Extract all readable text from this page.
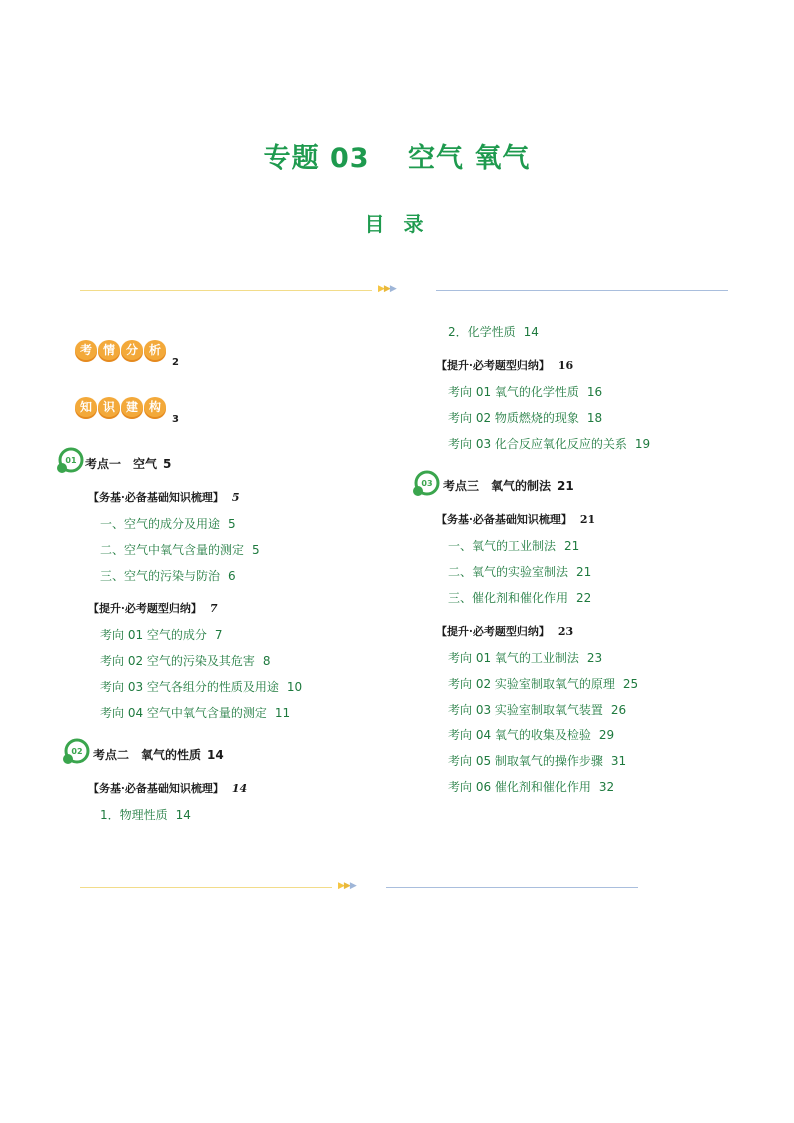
专题 03　 空气 氧气
目 录
▶▶▶
▶▶▶
考 情 分 析
2
知 识 建 构
3
01
02
03
考点一　空气 5
【务基·必备基础知识梳理】 5
一、空气的成分及用途 5
二、空气中氧气含量的测定 5
三、空气的污染与防治 6
【提升·必考题型归纳】 7
考向 01 空气的成分 7
考向 02 空气的污染及其危害 8
考向 03 空气各组分的性质及用途 10
考向 04 空气中氧气含量的测定 11
考点二　氧气的性质 14
【务基·必备基础知识梳理】 14
1．物理性质 14
2．化学性质 14
【提升·必考题型归纳】 16
考向 01 氧气的化学性质 16
考向 02 物质燃烧的现象 18
考向 03 化合反应氧化反应的关系 19
考点三　氧气的制法 21
【务基·必备基础知识梳理】 21
一、氧气的工业制法 21
二、氧气的实验室制法 21
三、催化剂和催化作用 22
【提升·必考题型归纳】 23
考向 01 氧气的工业制法 23
考向 02 实验室制取氧气的原理 25
考向 03 实验室制取氧气装置 26
考向 04 氧气的收集及检验 29
考向 05 制取氧气的操作步骤 31
考向 06 催化剂和催化作用 32
